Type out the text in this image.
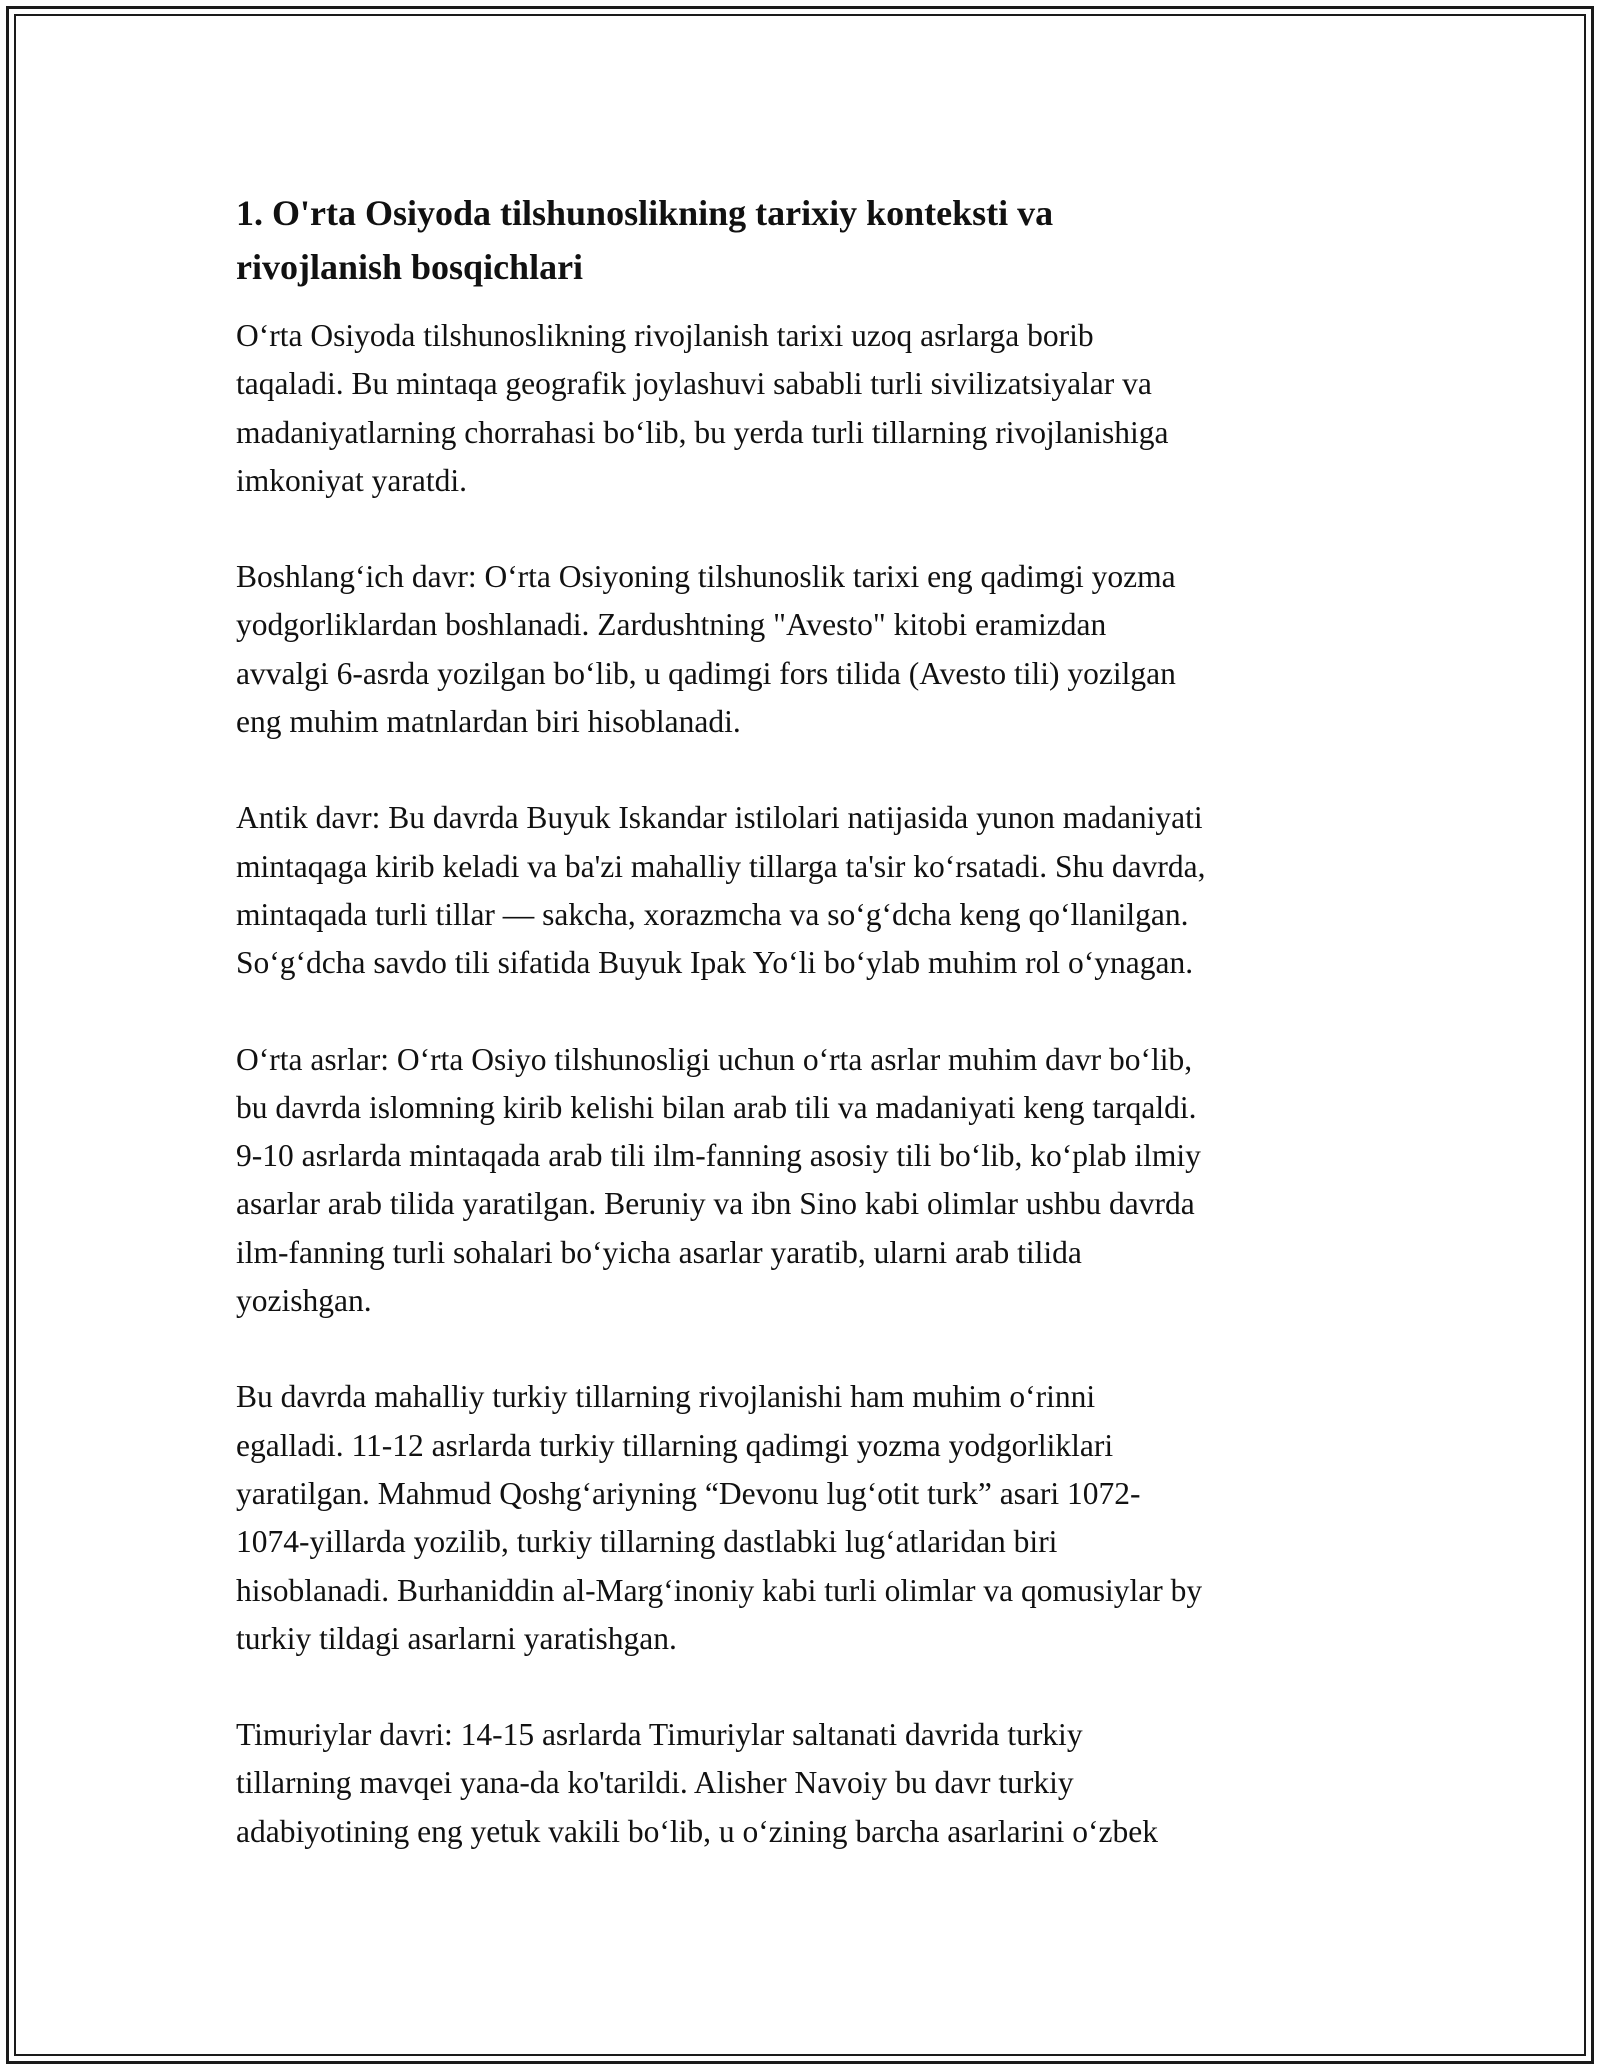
1. O'rta Osiyoda tilshunoslikning tarixiy konteksti va
rivojlanish bosqichlari
O‘rta Osiyoda tilshunoslikning rivojlanish tarixi uzoq asrlarga borib
taqaladi. Bu mintaqa geografik joylashuvi sababli turli sivilizatsiyalar va
madaniyatlarning chorrahasi bo‘lib, bu yerda turli tillarning rivojlanishiga
imkoniyat yaratdi.
Boshlang‘ich davr: O‘rta Osiyoning tilshunoslik tarixi eng qadimgi yozma
yodgorliklardan boshlanadi. Zardushtning "Avesto" kitobi eramizdan
avvalgi 6-asrda yozilgan bo‘lib, u qadimgi fors tilida (Avesto tili) yozilgan
eng muhim matnlardan biri hisoblanadi.
Antik davr: Bu davrda Buyuk Iskandar istilolari natijasida yunon madaniyati
mintaqaga kirib keladi va ba'zi mahalliy tillarga ta'sir ko‘rsatadi. Shu davrda,
mintaqada turli tillar — sakcha, xorazmcha va so‘g‘dcha keng qo‘llanilgan.
So‘g‘dcha savdo tili sifatida Buyuk Ipak Yo‘li bo‘ylab muhim rol o‘ynagan.
O‘rta asrlar: O‘rta Osiyo tilshunosligi uchun o‘rta asrlar muhim davr bo‘lib,
bu davrda islomning kirib kelishi bilan arab tili va madaniyati keng tarqaldi.
9-10 asrlarda mintaqada arab tili ilm-fanning asosiy tili bo‘lib, ko‘plab ilmiy
asarlar arab tilida yaratilgan. Beruniy va ibn Sino kabi olimlar ushbu davrda
ilm-fanning turli sohalari bo‘yicha asarlar yaratib, ularni arab tilida
yozishgan.
Bu davrda mahalliy turkiy tillarning rivojlanishi ham muhim o‘rinni
egalladi. 11-12 asrlarda turkiy tillarning qadimgi yozma yodgorliklari
yaratilgan. Mahmud Qoshg‘ariyning “Devonu lug‘otit turk” asari 1072-
1074-yillarda yozilib, turkiy tillarning dastlabki lug‘atlaridan biri
hisoblanadi. Burhaniddin al-Marg‘inoniy kabi turli olimlar va qomusiylar by
turkiy tildagi asarlarni yaratishgan.
Timuriylar davri: 14-15 asrlarda Timuriylar saltanati davrida turkiy
tillarning mavqei yana-da ko'tarildi. Alisher Navoiy bu davr turkiy
adabiyotining eng yetuk vakili bo‘lib, u o‘zining barcha asarlarini o‘zbek
